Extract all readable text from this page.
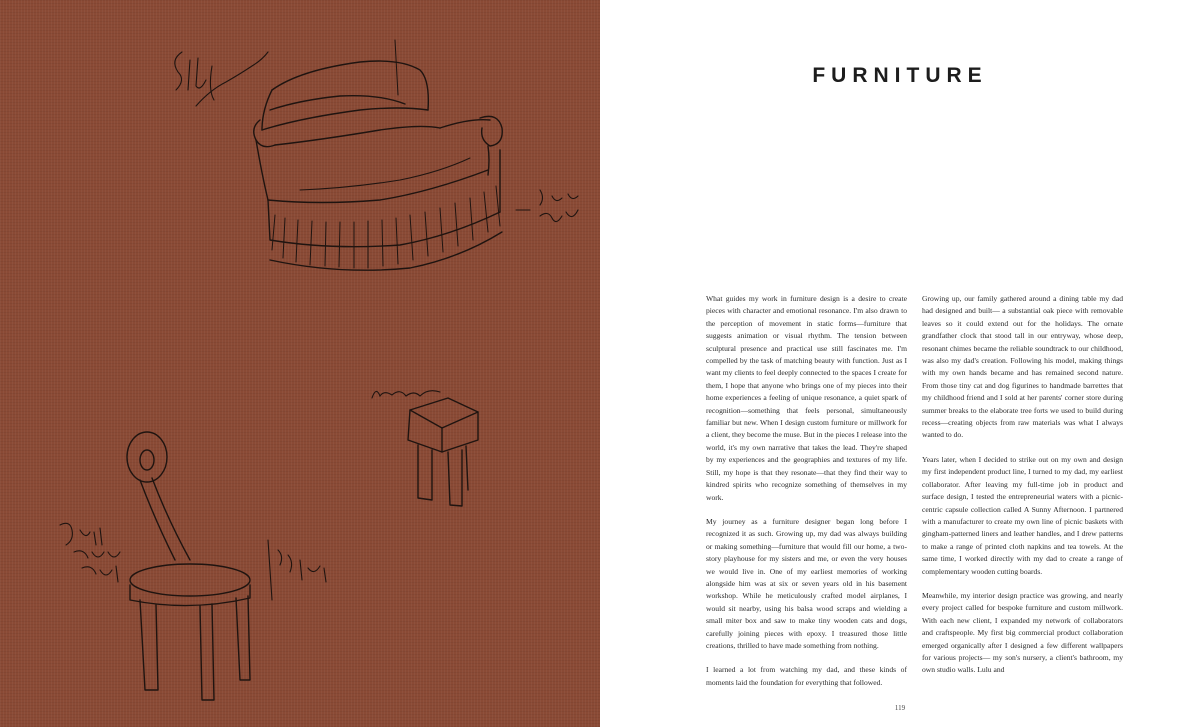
FURNITURE

What guides my work in furniture design is a desire to create pieces with character and emotional resonance. I'm also drawn to the perception of movement in static forms—furniture that suggests animation or visual rhythm. The tension between sculptural presence and practical use still fascinates me. I'm compelled by the task of matching beauty with function. Just as I want my clients to feel deeply connected to the spaces I create for them, I hope that anyone who brings one of my pieces into their home experiences a feeling of unique resonance, a quiet spark of recognition—something that feels personal, simultaneously familiar but new. When I design custom furniture or millwork for a client, they become the muse. But in the pieces I release into the world, it's my own narrative that takes the lead. They're shaped by my experiences and the geographies and textures of my life. Still, my hope is that they resonate—that they find their way to kindred spirits who recognize something of themselves in my work.

My journey as a furniture designer began long before I recognized it as such. Growing up, my dad was always building or making something—furniture that would fill our home, a two-story playhouse for my sisters and me, or even the very houses we would live in. One of my earliest memories of working alongside him was at six or seven years old in his basement workshop. While he meticulously crafted model airplanes, I would sit nearby, using his balsa wood scraps and wielding a small miter box and saw to make tiny wooden cats and dogs, carefully joining pieces with epoxy. I treasured those little creations, thrilled to have made something from nothing.

I learned a lot from watching my dad, and these kinds of moments laid the foundation for everything that followed.

Growing up, our family gathered around a dining table my dad had designed and built— a substantial oak piece with removable leaves so it could extend out for the holidays. The ornate grandfather clock that stood tall in our entryway, whose deep, resonant chimes became the reliable soundtrack to our childhood, was also my dad's creation. Following his model, making things with my own hands became and has remained second nature. From those tiny cat and dog figurines to handmade barrettes that my childhood friend and I sold at her parents' corner store during summer breaks to the elaborate tree forts we used to build during recess—creating objects from raw materials was what I always wanted to do.

Years later, when I decided to strike out on my own and design my first independent product line, I turned to my dad, my earliest collaborator. After leaving my full-time job in product and surface design, I tested the entrepreneurial waters with a picnic-centric capsule collection called A Sunny Afternoon. I partnered with a manufacturer to create my own line of picnic baskets with gingham-patterned liners and leather handles, and I drew patterns to make a range of printed cloth napkins and tea towels. At the same time, I worked directly with my dad to create a range of complementary wooden cutting boards.

Meanwhile, my interior design practice was growing, and nearly every project called for bespoke furniture and custom millwork. With each new client, I expanded my network of collaborators and craftspeople. My first big commercial product collaboration emerged organically after I designed a few different wallpapers for various projects— my son's nursery, a client's bathroom, my own studio walls. Lulu and

119
